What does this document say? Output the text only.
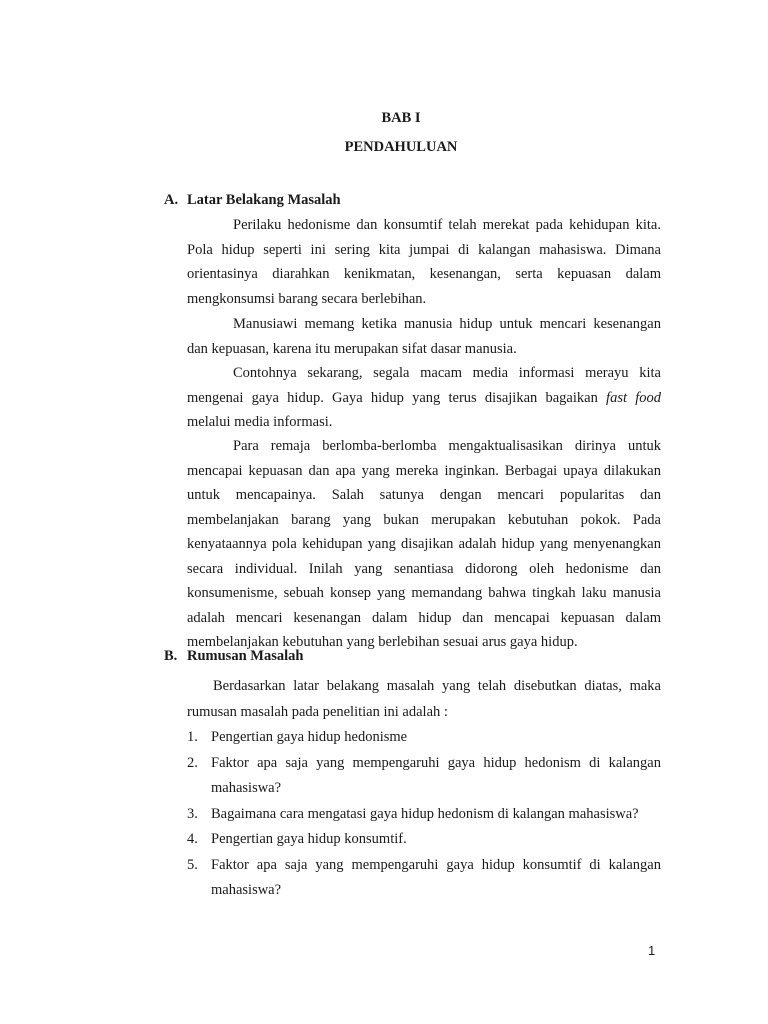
BAB I
PENDAHULUAN
A. Latar Belakang Masalah

Perilaku hedonisme dan konsumtif telah merekat pada kehidupan kita. Pola hidup seperti ini sering kita jumpai di kalangan mahasiswa. Dimana orientasinya diarahkan kenikmatan, kesenangan, serta kepuasan dalam mengkonsumsi barang secara berlebihan.

Manusiawi memang ketika manusia hidup untuk mencari kesenangan dan kepuasan, karena itu merupakan sifat dasar manusia.

Contohnya sekarang, segala macam media informasi merayu kita mengenai gaya hidup. Gaya hidup yang terus disajikan bagaikan fast food melalui media informasi.

Para remaja berlomba-berlomba mengaktualisasikan dirinya untuk mencapai kepuasan dan apa yang mereka inginkan. Berbagai upaya dilakukan untuk mencapainya. Salah satunya dengan mencari popularitas dan membelanjakan barang yang bukan merupakan kebutuhan pokok. Pada kenyataannya pola kehidupan yang disajikan adalah hidup yang menyenangkan secara individual. Inilah yang senantiasa didorong oleh hedonisme dan konsumenisme, sebuah konsep yang memandang bahwa tingkah laku manusia adalah mencari kesenangan dalam hidup dan mencapai kepuasan dalam membelanjakan kebutuhan yang berlebihan sesuai arus gaya hidup.

B. Rumusan Masalah

Berdasarkan latar belakang masalah yang telah disebutkan diatas, maka rumusan masalah pada penelitian ini adalah :

1. Pengertian gaya hidup hedonisme
2. Faktor apa saja yang mempengaruhi gaya hidup hedonism di kalangan mahasiswa?
3. Bagaimana cara mengatasi gaya hidup hedonism di kalangan mahasiswa?
4. Pengertian gaya hidup konsumtif.
5. Faktor apa saja yang mempengaruhi gaya hidup konsumtif di kalangan mahasiswa?
1
